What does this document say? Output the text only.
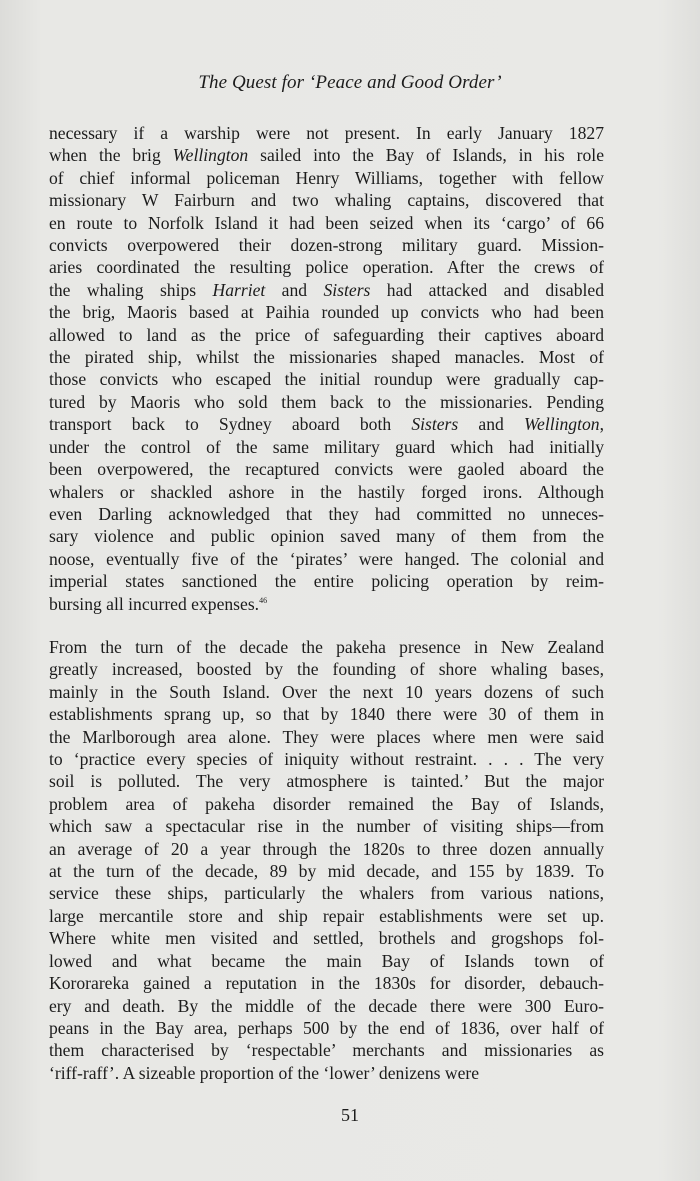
The Quest for ‘Peace and Good Order’
necessary if a warship were not present. In early January 1827
when the brig Wellington sailed into the Bay of Islands, in his role
of chief informal policeman Henry Williams, together with fellow
missionary W Fairburn and two whaling captains, discovered that
en route to Norfolk Island it had been seized when its ‘cargo’ of 66
convicts overpowered their dozen-strong military guard. Mission-
aries coordinated the resulting police operation. After the crews of
the whaling ships Harriet and Sisters had attacked and disabled
the brig, Maoris based at Paihia rounded up convicts who had been
allowed to land as the price of safeguarding their captives aboard
the pirated ship, whilst the missionaries shaped manacles. Most of
those convicts who escaped the initial roundup were gradually cap-
tured by Maoris who sold them back to the missionaries. Pending
transport back to Sydney aboard both Sisters and Wellington,
under the control of the same military guard which had initially
been overpowered, the recaptured convicts were gaoled aboard the
whalers or shackled ashore in the hastily forged irons. Although
even Darling acknowledged that they had committed no unneces-
sary violence and public opinion saved many of them from the
noose, eventually five of the ‘pirates’ were hanged. The colonial and
imperial states sanctioned the entire policing operation by reim-
bursing all incurred expenses.$^{46}$
From the turn of the decade the pakeha presence in New Zealand
greatly increased, boosted by the founding of shore whaling bases,
mainly in the South Island. Over the next 10 years dozens of such
establishments sprang up, so that by 1840 there were 30 of them in
the Marlborough area alone. They were places where men were said
to ‘practice every species of iniquity without restraint. . . . The very
soil is polluted. The very atmosphere is tainted.’ But the major
problem area of pakeha disorder remained the Bay of Islands,
which saw a spectacular rise in the number of visiting ships—from
an average of 20 a year through the 1820s to three dozen annually
at the turn of the decade, 89 by mid decade, and 155 by 1839. To
service these ships, particularly the whalers from various nations,
large mercantile store and ship repair establishments were set up.
Where white men visited and settled, brothels and grogshops fol-
lowed and what became the main Bay of Islands town of
Kororareka gained a reputation in the 1830s for disorder, debauch-
ery and death. By the middle of the decade there were 300 Euro-
peans in the Bay area, perhaps 500 by the end of 1836, over half of
them characterised by ‘respectable’ merchants and missionaries as
‘riff-raff’. A sizeable proportion of the ‘lower’ denizens were
51
